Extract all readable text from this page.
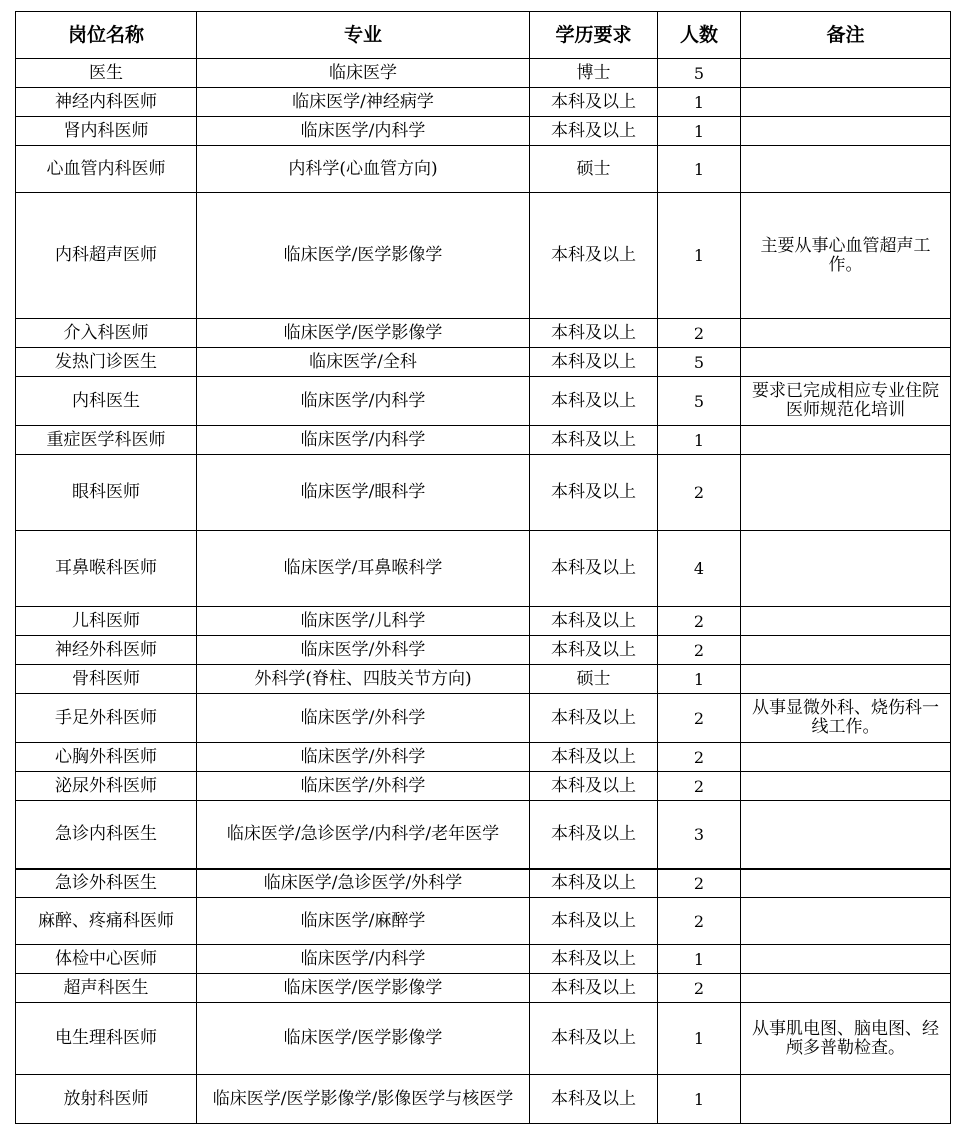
岗位名称	专业	学历要求	人数	备注
医生	临床医学	博士	5	
神经内科医师	临床医学/神经病学	本科及以上	1	
肾内科医师	临床医学/内科学	本科及以上	1	
心血管内科医师	内科学(心血管方向)	硕士	1	
内科超声医师	临床医学/医学影像学	本科及以上	1	主要从事心血管超声工作。
介入科医师	临床医学/医学影像学	本科及以上	2	
发热门诊医生	临床医学/全科	本科及以上	5	
内科医生	临床医学/内科学	本科及以上	5	要求已完成相应专业住院医师规范化培训
重症医学科医师	临床医学/内科学	本科及以上	1	
眼科医师	临床医学/眼科学	本科及以上	2	
耳鼻喉科医师	临床医学/耳鼻喉科学	本科及以上	4	
儿科医师	临床医学/儿科学	本科及以上	2	
神经外科医师	临床医学/外科学	本科及以上	2	
骨科医师	外科学(脊柱、四肢关节方向)	硕士	1	
手足外科医师	临床医学/外科学	本科及以上	2	从事显微外科、烧伤科一线工作。
心胸外科医师	临床医学/外科学	本科及以上	2	
泌尿外科医师	临床医学/外科学	本科及以上	2	
急诊内科医生	临床医学/急诊医学/内科学/老年医学	本科及以上	3	
急诊外科医生	临床医学/急诊医学/外科学	本科及以上	2	
麻醉、疼痛科医师	临床医学/麻醉学	本科及以上	2	
体检中心医师	临床医学/内科学	本科及以上	1	
超声科医生	临床医学/医学影像学	本科及以上	2	
电生理科医师	临床医学/医学影像学	本科及以上	1	从事肌电图、脑电图、经颅多普勒检查。
放射科医师	临床医学/医学影像学/影像医学与核医学	本科及以上	1	
